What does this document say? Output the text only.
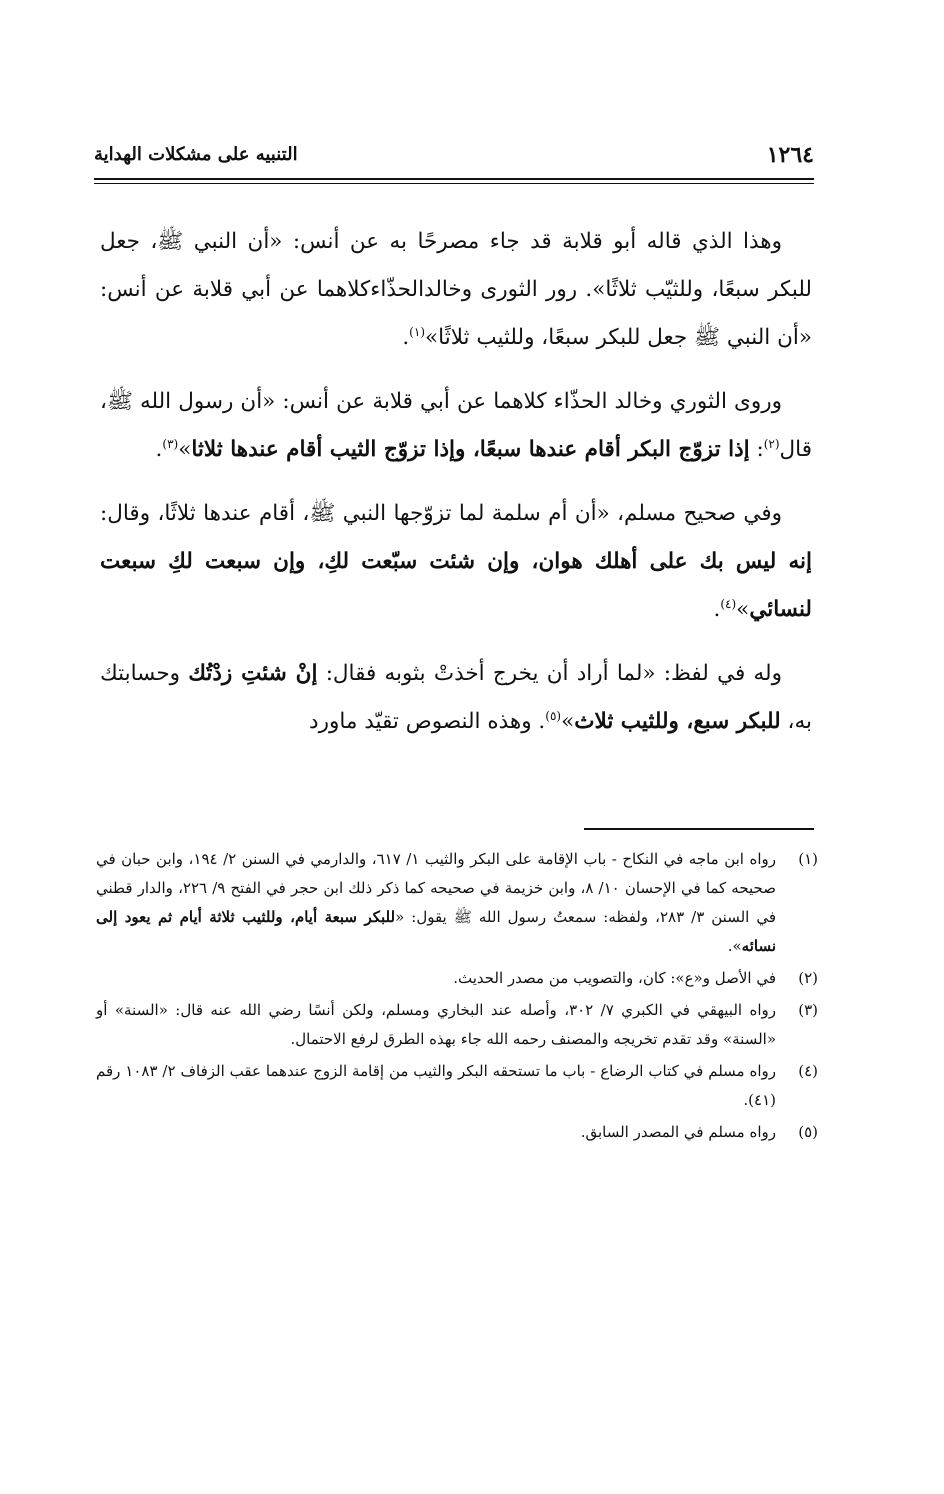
١٢٦٤
التنبيه على مشكلات الهداية

وهذا الذي قاله أبو قلابة قد جاء مصرحًا به عن أنس: «أن النبي ﷺ، جعل للبكر سبعًا، وللثيّب ثلاثًا». رور الثورى وخالدالحذّاءكلاهما عن أبي قلابة عن أنس: «أن النبي ﷺ جعل للبكر سبعًا، وللثيب ثلاثًا»$^{(١)}$.

وروى الثوري وخالد الحذّاء كلاهما عن أبي قلابة عن أنس: «أن رسول الله ﷺ، قال$^{(٢)}$: إذا تزوّج البكر أقام عندها سبعًا، وإذا تزوّج الثيب أقام عندها ثلاثا»$^{(٣)}$.

وفي صحيح مسلم، «أن أم سلمة لما تزوّجها النبي ﷺ، أقام عندها ثلاثًا، وقال: إنه ليس بك على أهلك هوان، وإن شئت سبّعت لكِ، وإن سبعت لكِ سبعت لنسائي»$^{(٤)}$.

وله في لفظ: «لما أراد أن يخرج أخذتْ بثوبه فقال: إنْ شئتِ زدْتُك وحسابتك به، للبكر سبع، وللثيب ثلاث»$^{(٥)}$. وهذه النصوص تقيّد ماورد

(١)
رواه ابن ماجه في النكاح - باب الإقامة على البكر والثيب ١/ ٦١٧، والدارمي في السنن ٢/ ١٩٤، وابن حبان في صحيحه كما في الإحسان ١٠/ ٨، وابن خزيمة في صحيحه كما ذكر ذلك ابن حجر في الفتح ٩/ ٢٢٦، والدار قطني في السنن ٣/ ٢٨٣، ولفظه: سمعتُ رسول الله ﷺ يقول: «للبكر سبعة أيام، وللثيب ثلاثة أيام ثم يعود إلى نسائه».
(٢)
في الأصل و«ع»: كان، والتصويب من مصدر الحديث.
(٣)
رواه البيهقي في الكبري ٧/ ٣٠٢، وأصله عند البخاري ومسلم، ولكن أنسًا رضي الله عنه قال: «السنة» أو «السنة» وقد تقدم تخريجه والمصنف رحمه الله جاء بهذه الطرق لرفع الاحتمال.
(٤)
رواه مسلم في كتاب الرضاع - باب ما تستحقه البكر والثيب من إقامة الزوج عندهما عقب الزفاف ٢/ ١٠٨٣ رقم (٤١).
(٥)
رواه مسلم في المصدر السابق.
